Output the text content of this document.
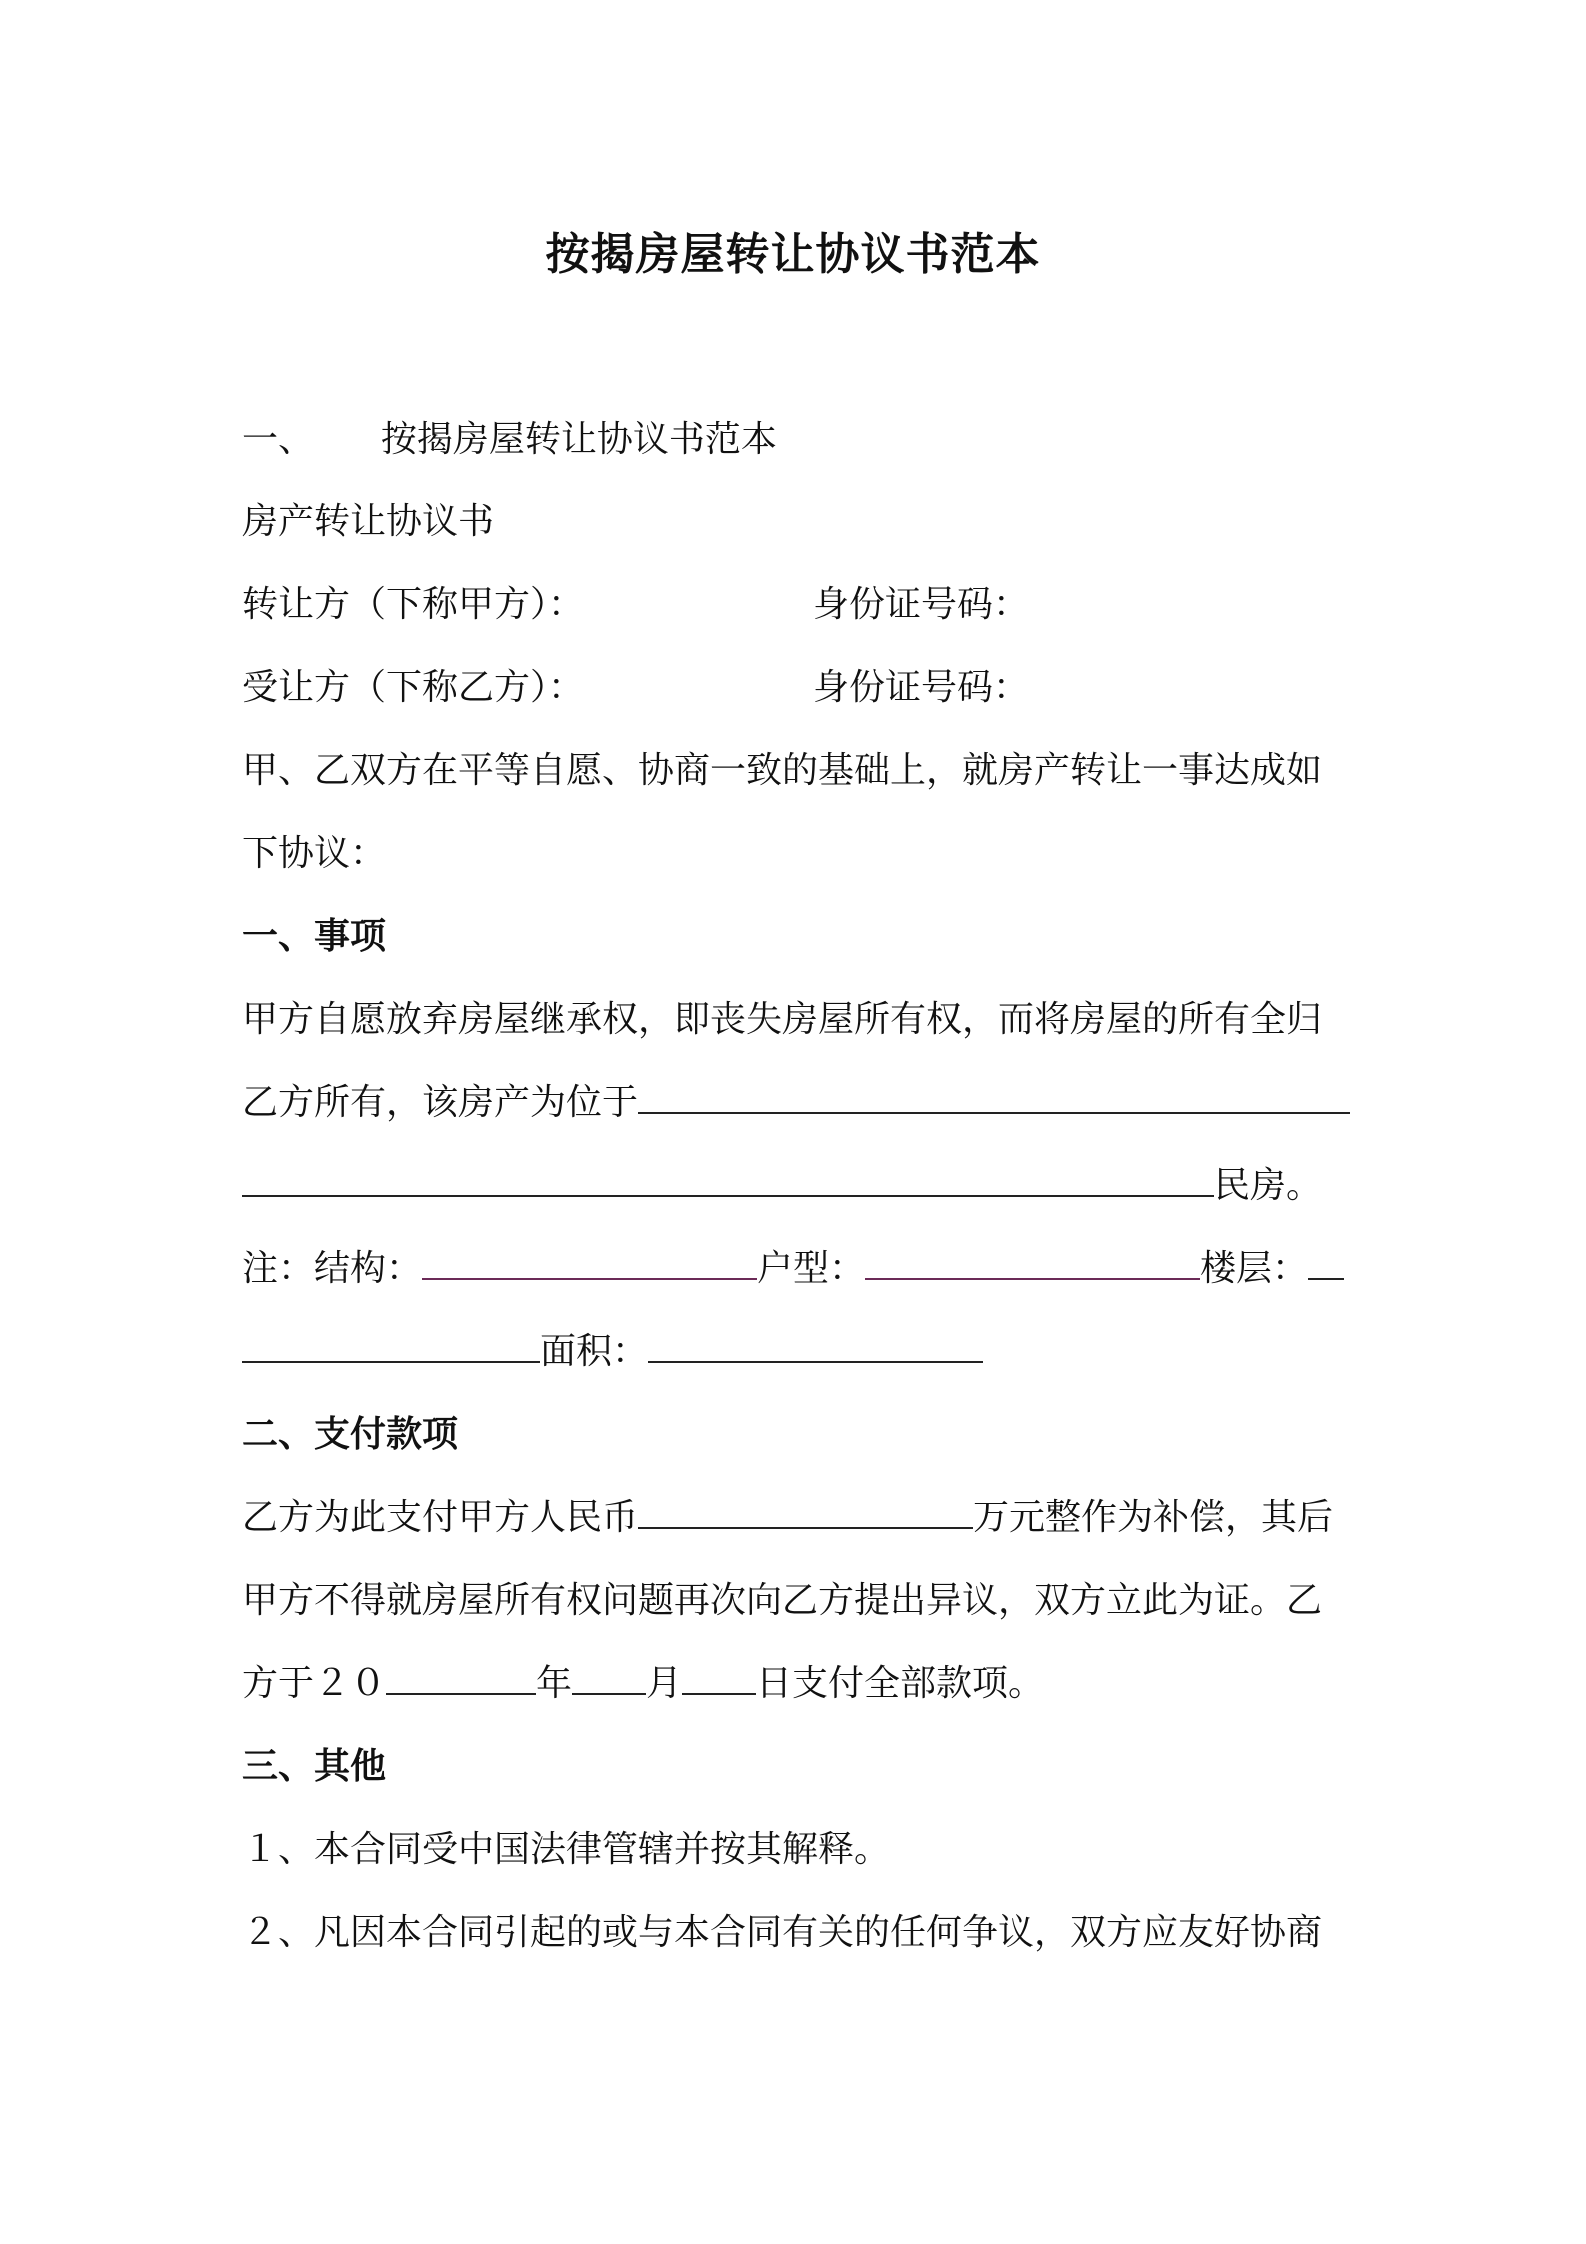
按揭房屋转让协议书范本
一、 按揭房屋转让协议书范本
房产转让协议书
转让方（下称甲方）：	身份证号码：
受让方（下称乙方）：	身份证号码：
甲、乙双方在平等自愿、协商一致的基础上，就房产转让一事达成如
下协议：
一、事项
甲方自愿放弃房屋继承权，即丧失房屋所有权，而将房屋的所有全归
乙方所有，该房产为位于
民房。
注：结构：	户型：	楼层：
面积：
二、支付款项
乙方为此支付甲方人民币	万元整作为补偿，其后
甲方不得就房屋所有权问题再次向乙方提出异议，双方立此为证。乙
方于２０	年 月 日支付全部款项。
三、其他
１、本合同受中国法律管辖并按其解释。
２、凡因本合同引起的或与本合同有关的任何争议，双方应友好协商
